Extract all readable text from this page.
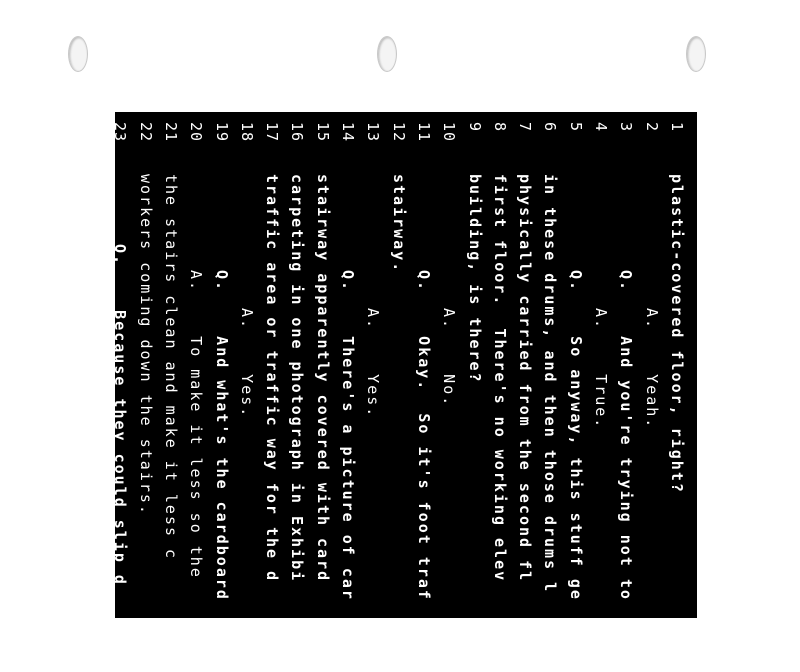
1
plastic-covered floor, right?
2
A.    Yeah.
3
Q.    And you're trying not to
4
A.    True.
5
Q.    So anyway, this stuff ge
6
in these drums, and then those drums l
7
physically carried from the second fl
8
first floor.  There's no working elev
9
building, is there?
10
A.    No.
11
Q.    Okay.  So it's foot traf
12
stairway.
13
A.    Yes.
14
Q.    There's a picture of car
15
stairway apparently covered with card
16
carpeting in one photograph in Exhibi
17
traffic area or traffic way for the d
18
A.    Yes.
19
Q.    And what's the cardboard
20
A.    To make it less so the
21
the stairs clean and make it less c
22
workers coming down the stairs.
23
Q.    Because they could slip d
24
A.    Yes.
